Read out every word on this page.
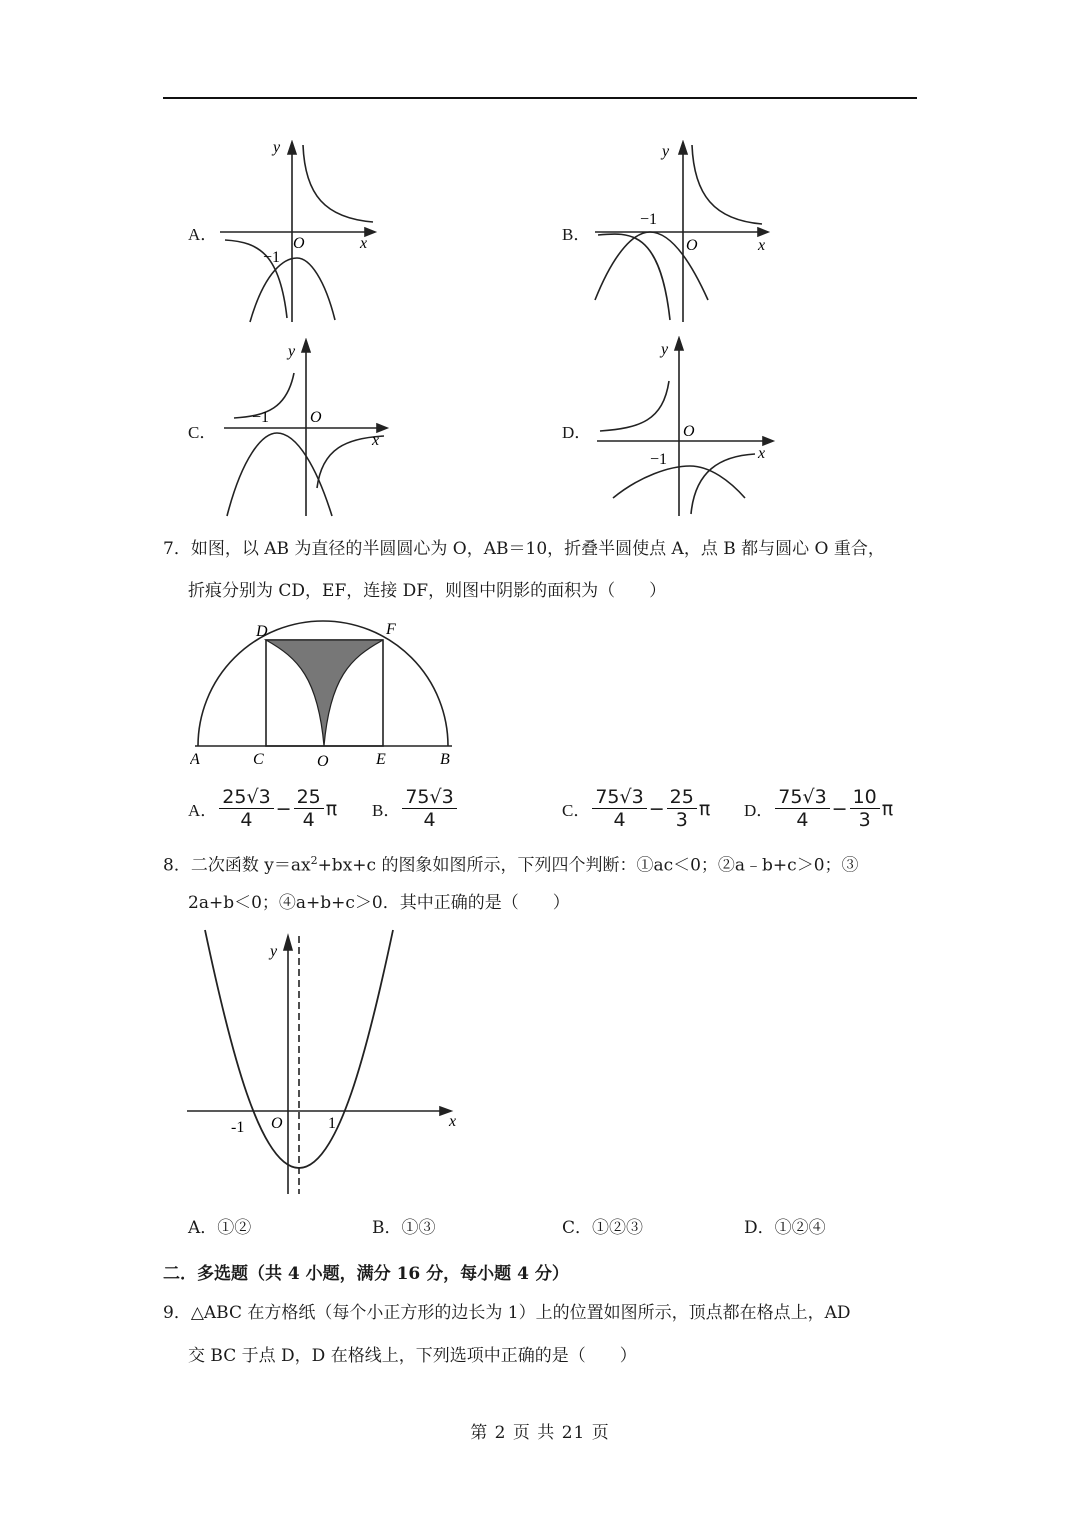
A．
y
x
O
−1
B．
y
x
O
−1
C．
y
x
O
−1
D．
y
x
O
−1
7．如图，以 AB 为直径的半圆圆心为 O，AB＝10，折叠半圆使点 A，点 B 都与圆心 O 重合，
折痕分别为 CD，EF，连接 DF，则图中阴影的面积为（　　）
D	F
A	C	O	E	B
A． $\frac{25√3}{4} - \frac{25}{4}$ π B． $\frac{75√3}{4}$	C． $\frac{75√3}{4} - \frac{25}{3}$ π D． $\frac{75√3}{4} - \frac{10}{3}$ π
8．二次函数 $y=ax^2+bx+c$ 的图象如图所示，下列四个判断：①ac＜0；②a﹣b+c＞0；③
2a+b＜0；④a+b+c＞0．其中正确的是（　　）
y
x
O
-1	1
A．①②	B．①③	C．①②③	D．①②④
二．多选题（共 4 小题，满分 16 分，每小题 4 分）
9．△ABC 在方格纸（每个小正方形的边长为 1）上的位置如图所示，顶点都在格点上，AD
交 BC 于点 D，D 在格线上，下列选项中正确的是（　　）
第 2 页 共 21 页
